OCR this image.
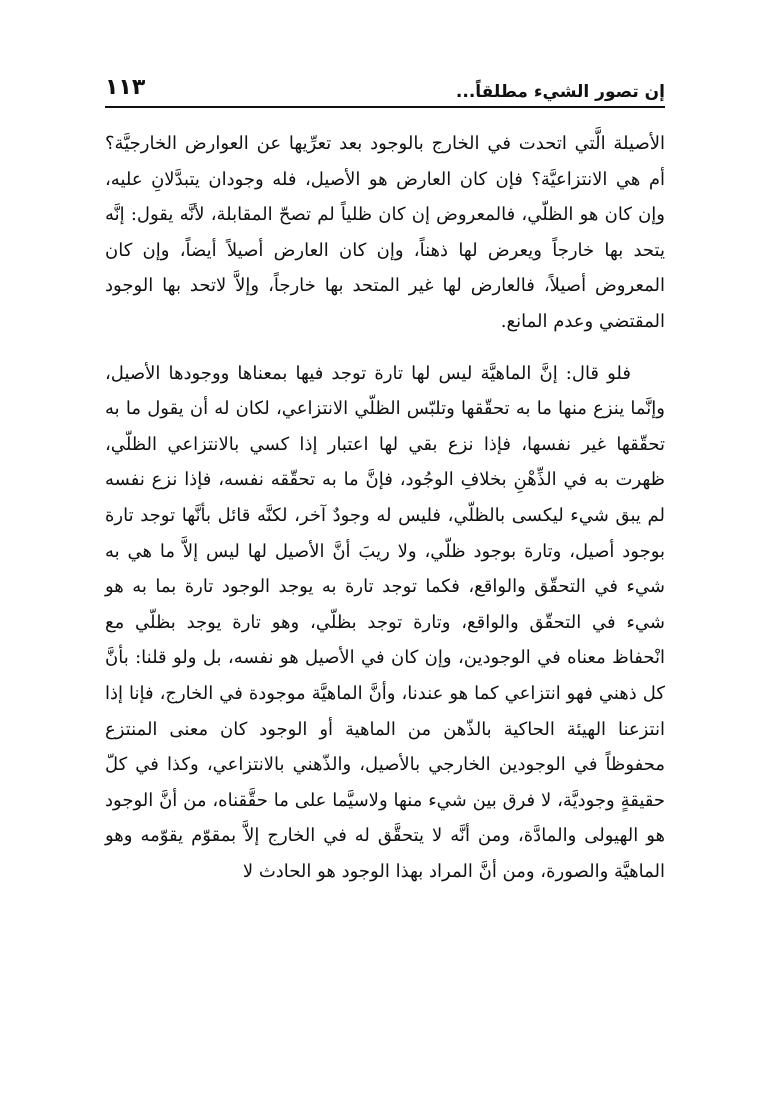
إن تصور الشيء مطلقاً...
١١٣

الأصيلة الَّتي اتحدت في الخارج بالوجود بعد تعرِّيها عن العوارض الخارجيَّة؟ أم هي الانتزاعيَّة؟ فإن كان العارض هو الأصيل، فله وجودان يتبدَّلانِ عليه، وإن كان هو الظلّي، فالمعروض إن كان ظلياً لم تصحّ المقابلة، لأنَّه يقول: إنَّه يتحد بها خارجاً ويعرض لها ذهناً، وإن كان العارض أصيلاً أيضاً، وإن كان المعروض أصيلاً، فالعارض لها غير المتحد بها خارجاً، وإلاَّ لاتحد بها الوجود المقتضي وعدم المانع.

فلو قال: إنَّ الماهيَّة ليس لها تارة توجد فيها بمعناها ووجودها الأصيل، وإنَّما ينزع منها ما به تحقّقها وتلبّس الظلّي الانتزاعي، لكان له أن يقول ما به تحقّقها غير نفسها، فإذا نزع بقي لها اعتبار إذا كسي بالانتزاعي الظلّي، ظهرت به في الذِّهْنِ بخلافِ الوجُود، فإنَّ ما به تحقّقه نفسه، فإذا نزع نفسه لم يبق شيء ليكسى بالظلّي، فليس له وجودٌ آخر، لكنَّه قائل بأنَّها توجد تارة بوجود أصيل، وتارة بوجود ظلّي، ولا ريبَ أنَّ الأصيل لها ليس إلاَّ ما هي به شيء في التحقّق والواقع، فكما توجد تارة به يوجد الوجود تارة بما به هو شيء في التحقّق والواقع، وتارة توجد بظلّي، وهو تارة يوجد بظلّي مع انْحفاظ معناه في الوجودين، وإن كان في الأصيل هو نفسه، بل ولو قلنا: بأنَّ كل ذهني فهو انتزاعي كما هو عندنا، وأنَّ الماهيَّة موجودة في الخارج، فإنا إذا انتزعنا الهيئة الحاكية بالذّهن من الماهية أو الوجود كان معنى المنتزع محفوظاً في الوجودين الخارجي بالأصيل، والذّهني بالانتزاعي، وكذا في كلّ حقيقةٍ وجوديَّة، لا فرق بين شيء منها ولاسيَّما على ما حقَّقناه، من أنَّ الوجود هو الهيولى والمادَّة، ومن أنَّه لا يتحقَّق له في الخارج إلاَّ بمقوّم يقوّمه وهو الماهيَّة والصورة، ومن أنَّ المراد بهذا الوجود هو الحادث لا
